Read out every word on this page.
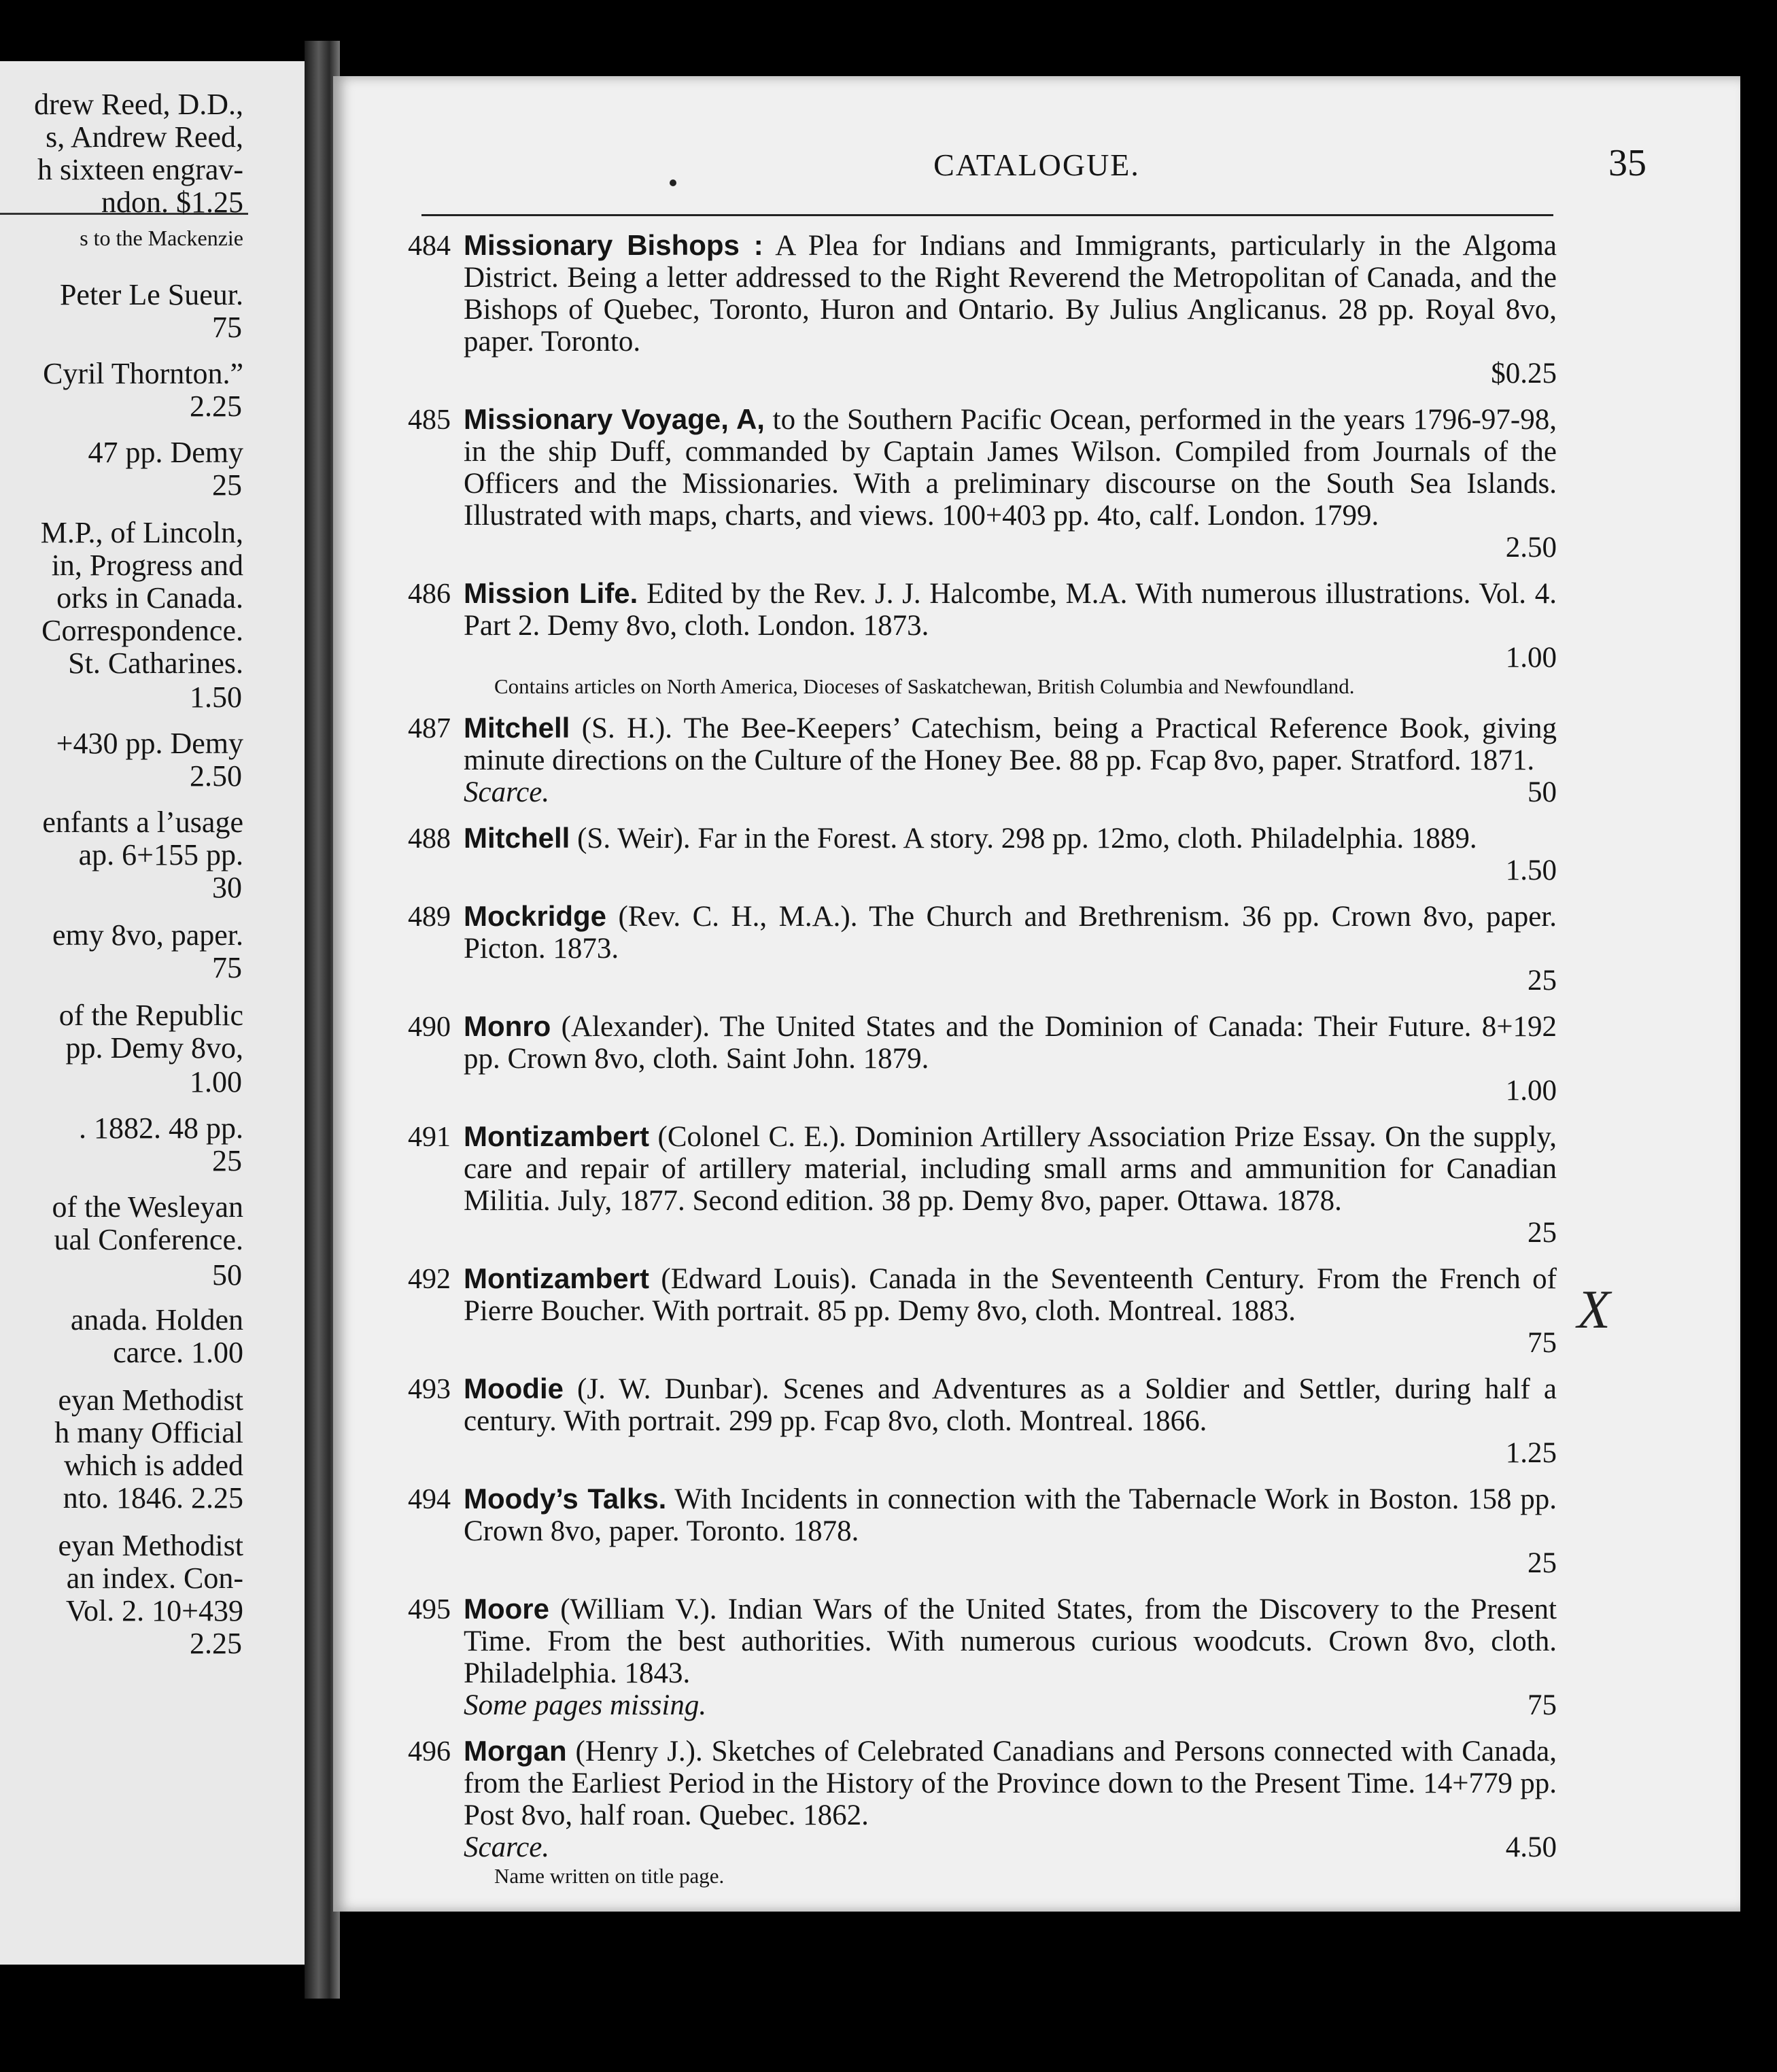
drew Reed, D.D.,
s, Andrew Reed,
h sixteen engrav-
ndon. $1.25
s to the Mackenzie
Peter Le Sueur.
75
Cyril Thornton.”
2.25
47 pp. Demy
25
M.P., of Lincoln,
in, Progress and
orks in Canada.
Correspondence.
St. Catharines.
1.50
+430 pp. Demy
2.50
enfants a l’usage
ap. 6+155 pp.
30
emy 8vo, paper.
75
of the Republic
pp. Demy 8vo,
1.00
. 1882. 48 pp.
25
of the Wesleyan
ual Conference.
50
anada. Holden
carce. 1.00
eyan Methodist
h many Official
which is added
nto. 1846. 2.25
eyan Methodist
an index. Con-
Vol. 2. 10+439
2.25
CATALOGUE.	35
484 Missionary Bishops : A Plea for Indians and Immigrants, particularly in the Algoma District. Being a letter addressed to the Right Reverend the Metropolitan of Canada, and the Bishops of Quebec, Toronto, Huron and Ontario. By Julius Anglicanus. 28 pp. Royal 8vo, paper. Toronto.
$0.25
485 Missionary Voyage, A, to the Southern Pacific Ocean, performed in the years 1796-97-98, in the ship Duff, commanded by Captain James Wilson. Compiled from Journals of the Officers and the Missionaries. With a preliminary discourse on the South Sea Islands. Illustrated with maps, charts, and views. 100+403 pp. 4to, calf. London. 1799.
2.50
486 Mission Life. Edited by the Rev. J. J. Halcombe, M.A. With numerous illustrations. Vol. 4. Part 2. Demy 8vo, cloth. London. 1873.
1.00
Contains articles on North America, Dioceses of Saskatchewan, British Columbia and Newfoundland.
487 Mitchell (S. H.). The Bee-Keepers’ Catechism, being a Practical Reference Book, giving minute directions on the Culture of the Honey Bee. 88 pp. Fcap 8vo, paper. Stratford. 1871.
Scarce.	50
488 Mitchell (S. Weir). Far in the Forest. A story. 298 pp. 12mo, cloth. Philadelphia. 1889.
1.50
489 Mockridge (Rev. C. H., M.A.). The Church and Brethrenism. 36 pp. Crown 8vo, paper. Picton. 1873.
25
490 Monro (Alexander). The United States and the Dominion of Canada: Their Future. 8+192 pp. Crown 8vo, cloth. Saint John. 1879.
1.00
491 Montizambert (Colonel C. E.). Dominion Artillery Association Prize Essay. On the supply, care and repair of artillery material, including small arms and ammunition for Canadian Militia. July, 1877. Second edition. 38 pp. Demy 8vo, paper. Ottawa. 1878.
25
492 Montizambert (Edward Louis). Canada in the Seventeenth Century. From the French of Pierre Boucher. With portrait. 85 pp. Demy 8vo, cloth. Montreal. 1883.
75
493 Moodie (J. W. Dunbar). Scenes and Adventures as a Soldier and Settler, during half a century. With portrait. 299 pp. Fcap 8vo, cloth. Montreal. 1866.
1.25
494 Moody’s Talks. With Incidents in connection with the Tabernacle Work in Boston. 158 pp. Crown 8vo, paper. Toronto. 1878.
25
495 Moore (William V.). Indian Wars of the United States, from the Discovery to the Present Time. From the best authorities. With numerous curious woodcuts. Crown 8vo, cloth. Philadelphia. 1843.
Some pages missing.	75
496 Morgan (Henry J.). Sketches of Celebrated Canadians and Persons connected with Canada, from the Earliest Period in the History of the Province down to the Present Time. 14+779 pp. Post 8vo, half roan. Quebec. 1862.
Scarce.	4.50
Name written on title page.
X
